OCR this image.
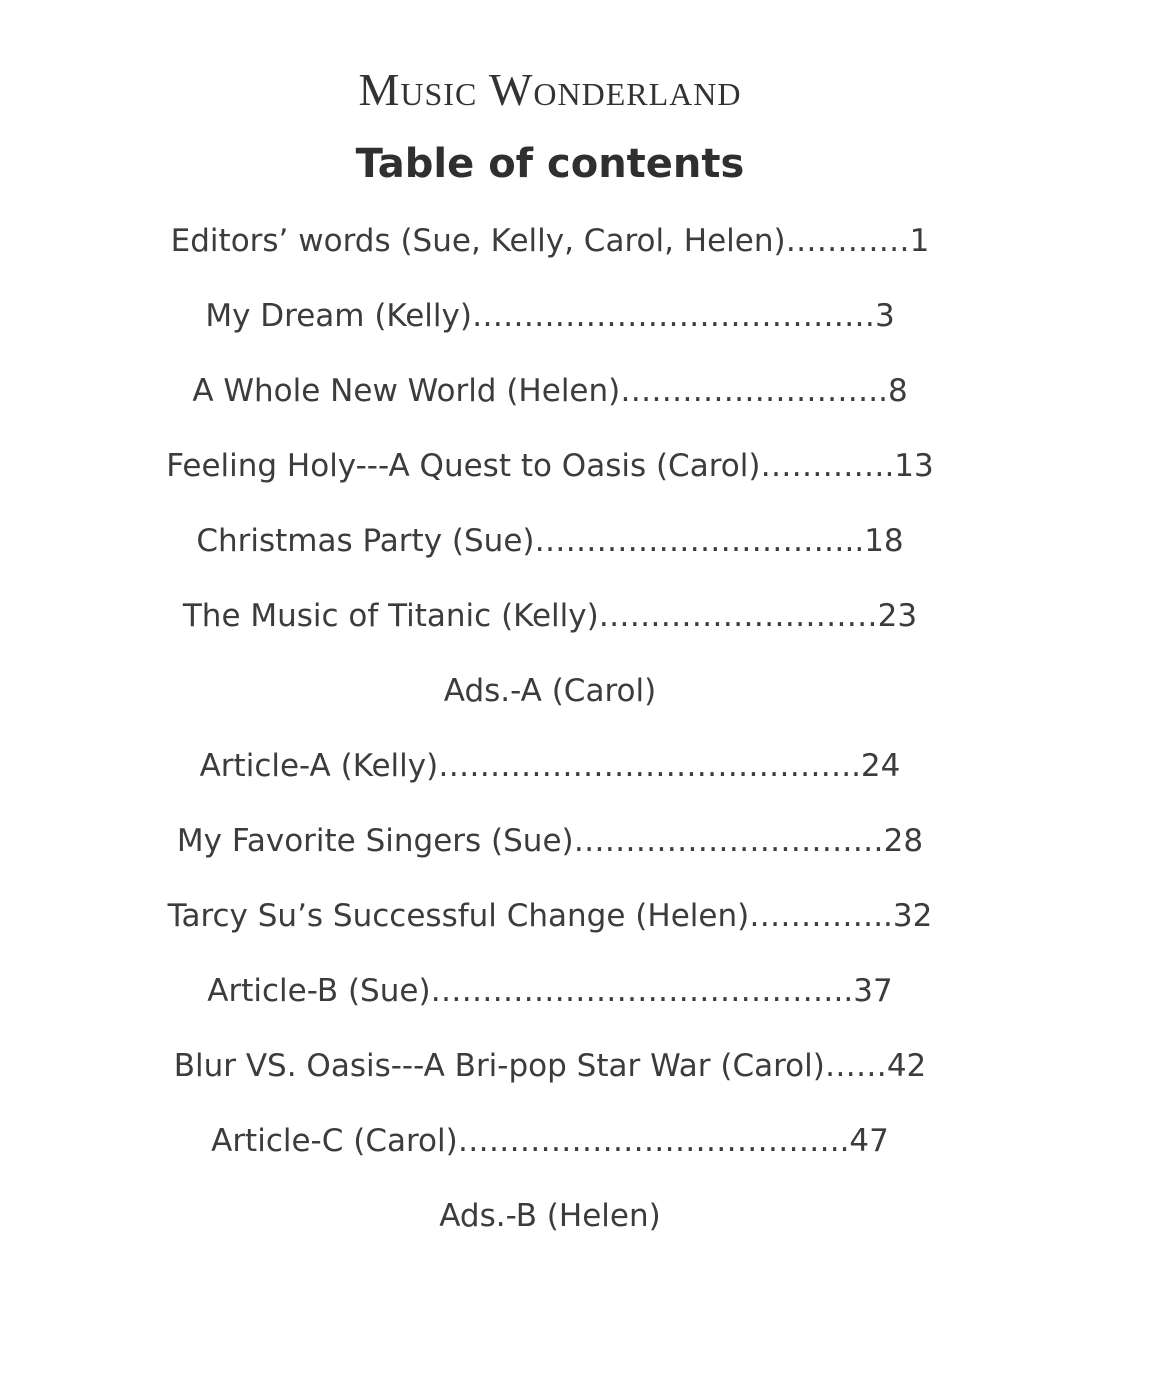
Music Wonderland
Table of contents
Editors’ words (Sue, Kelly, Carol, Helen)…………1
My Dream (Kelly)…………………………………3
A Whole New World (Helen)……………………..8
Feeling Holy---A Quest to Oasis (Carol)………….13
Christmas Party (Sue)…………………………..18
The Music of Titanic (Kelly)………………………23
Ads.-A (Carol)
Article-A (Kelly)…………………………………..24
My Favorite Singers (Sue)…………………………28
Tarcy Su’s Successful Change (Helen)…………..32
Article-B (Sue)…………………………………..37
Blur VS. Oasis---A Bri-pop Star War (Carol)……42
Article-C (Carol)………………………………..47
Ads.-B (Helen)
